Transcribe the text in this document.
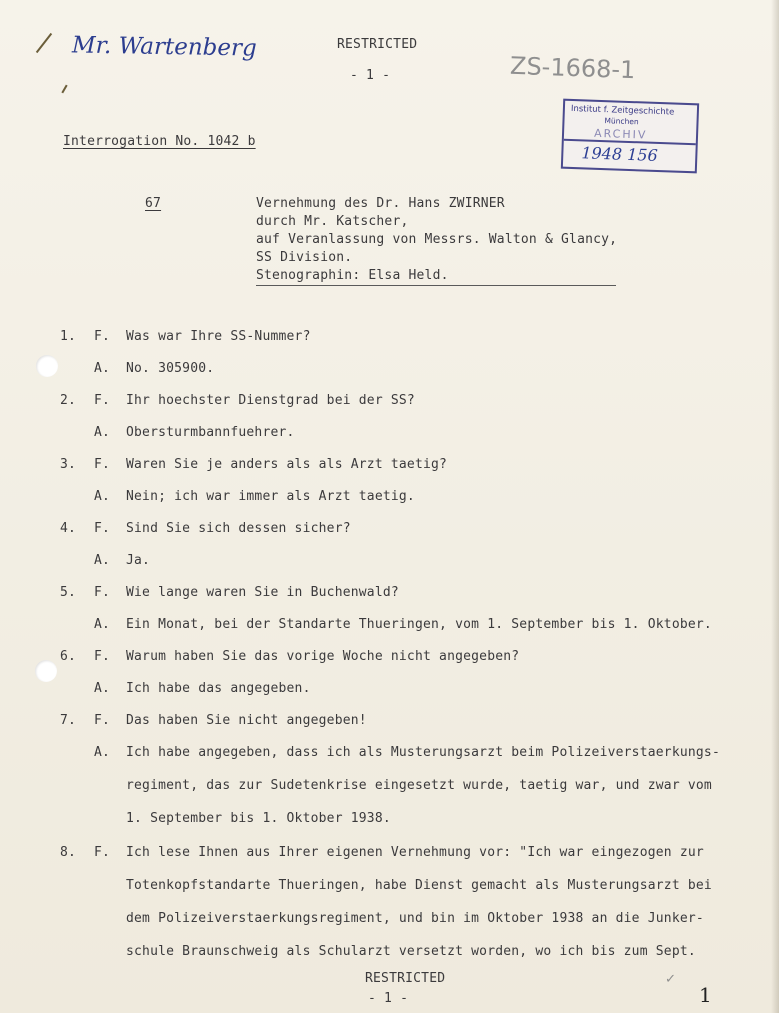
Mr. Wartenberg
ZS-1668-1
RESTRICTED
- 1 -
Institut f. Zeitgeschichte
München
ARCHIV
1948 156
Interrogation No. 1042 b
67	Vernehmung des Dr. Hans ZWIRNER
durch Mr. Katscher,
auf Veranlassung von Messrs. Walton & Glancy,
SS Division.
Stenographin: Elsa Held.
1. F. Was war Ihre SS-Nummer?
A. No. 305900.
2. F. Ihr hoechster Dienstgrad bei der SS?
A. Obersturmbannfuehrer.
3. F. Waren Sie je anders als als Arzt taetig?
A. Nein; ich war immer als Arzt taetig.
4. F. Sind Sie sich dessen sicher?
A. Ja.
5. F. Wie lange waren Sie in Buchenwald?
A. Ein Monat, bei der Standarte Thueringen, vom 1. September bis 1. Oktober.
6. F. Warum haben Sie das vorige Woche nicht angegeben?
A. Ich habe das angegeben.
7. F. Das haben Sie nicht angegeben!
A. Ich habe angegeben, dass ich als Musterungsarzt beim Polizeiverstaerkungs-
regiment, das zur Sudetenkrise eingesetzt wurde, taetig war, und zwar vom
1. September bis 1. Oktober 1938.
8. F. Ich lese Ihnen aus Ihrer eigenen Vernehmung vor: "Ich war eingezogen zur
Totenkopfstandarte Thueringen, habe Dienst gemacht als Musterungsarzt bei
dem Polizeiverstaerkungsregiment, und bin im Oktober 1938 an die Junker-
schule Braunschweig als Schularzt versetzt worden, wo ich bis zum Sept.
RESTRICTED
- 1 -
✓
1
